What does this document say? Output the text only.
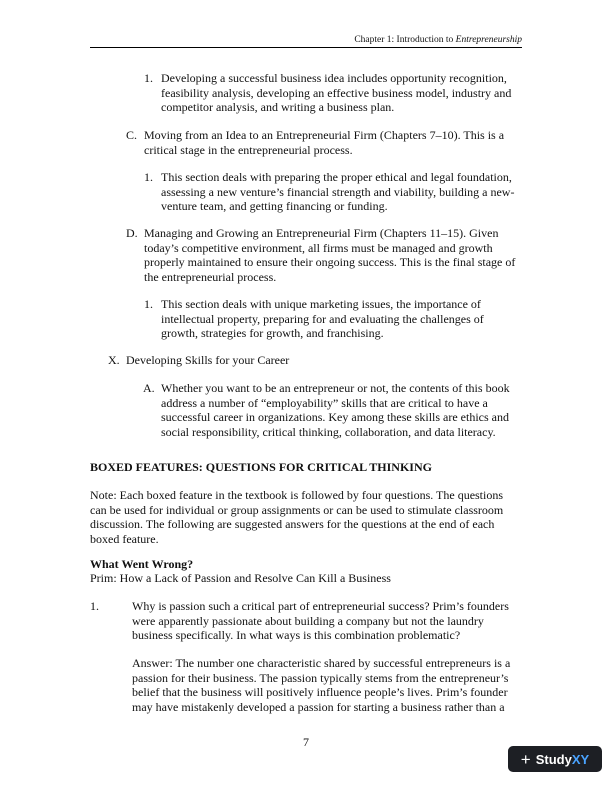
Chapter 1: Introduction to Entrepreneurship
1. Developing a successful business idea includes opportunity recognition, feasibility analysis, developing an effective business model, industry and competitor analysis, and writing a business plan.
C. Moving from an Idea to an Entrepreneurial Firm (Chapters 7–10). This is a critical stage in the entrepreneurial process.
1. This section deals with preparing the proper ethical and legal foundation, assessing a new venture’s financial strength and viability, building a new-venture team, and getting financing or funding.
D. Managing and Growing an Entrepreneurial Firm (Chapters 11–15). Given today’s competitive environment, all firms must be managed and growth properly maintained to ensure their ongoing success. This is the final stage of the entrepreneurial process.
1. This section deals with unique marketing issues, the importance of intellectual property, preparing for and evaluating the challenges of growth, strategies for growth, and franchising.
X. Developing Skills for your Career
A. Whether you want to be an entrepreneur or not, the contents of this book address a number of “employability” skills that are critical to have a successful career in organizations. Key among these skills are ethics and social responsibility, critical thinking, collaboration, and data literacy.
BOXED FEATURES: QUESTIONS FOR CRITICAL THINKING
Note: Each boxed feature in the textbook is followed by four questions. The questions can be used for individual or group assignments or can be used to stimulate classroom discussion. The following are suggested answers for the questions at the end of each boxed feature.
What Went Wrong?
Prim: How a Lack of Passion and Resolve Can Kill a Business
1.	Why is passion such a critical part of entrepreneurial success? Prim’s founders were apparently passionate about building a company but not the laundry business specifically. In what ways is this combination problematic?
Answer: The number one characteristic shared by successful entrepreneurs is a passion for their business. The passion typically stems from the entrepreneur’s belief that the business will positively influence people’s lives. Prim’s founder may have mistakenly developed a passion for starting a business rather than a
7
+ StudyXY
